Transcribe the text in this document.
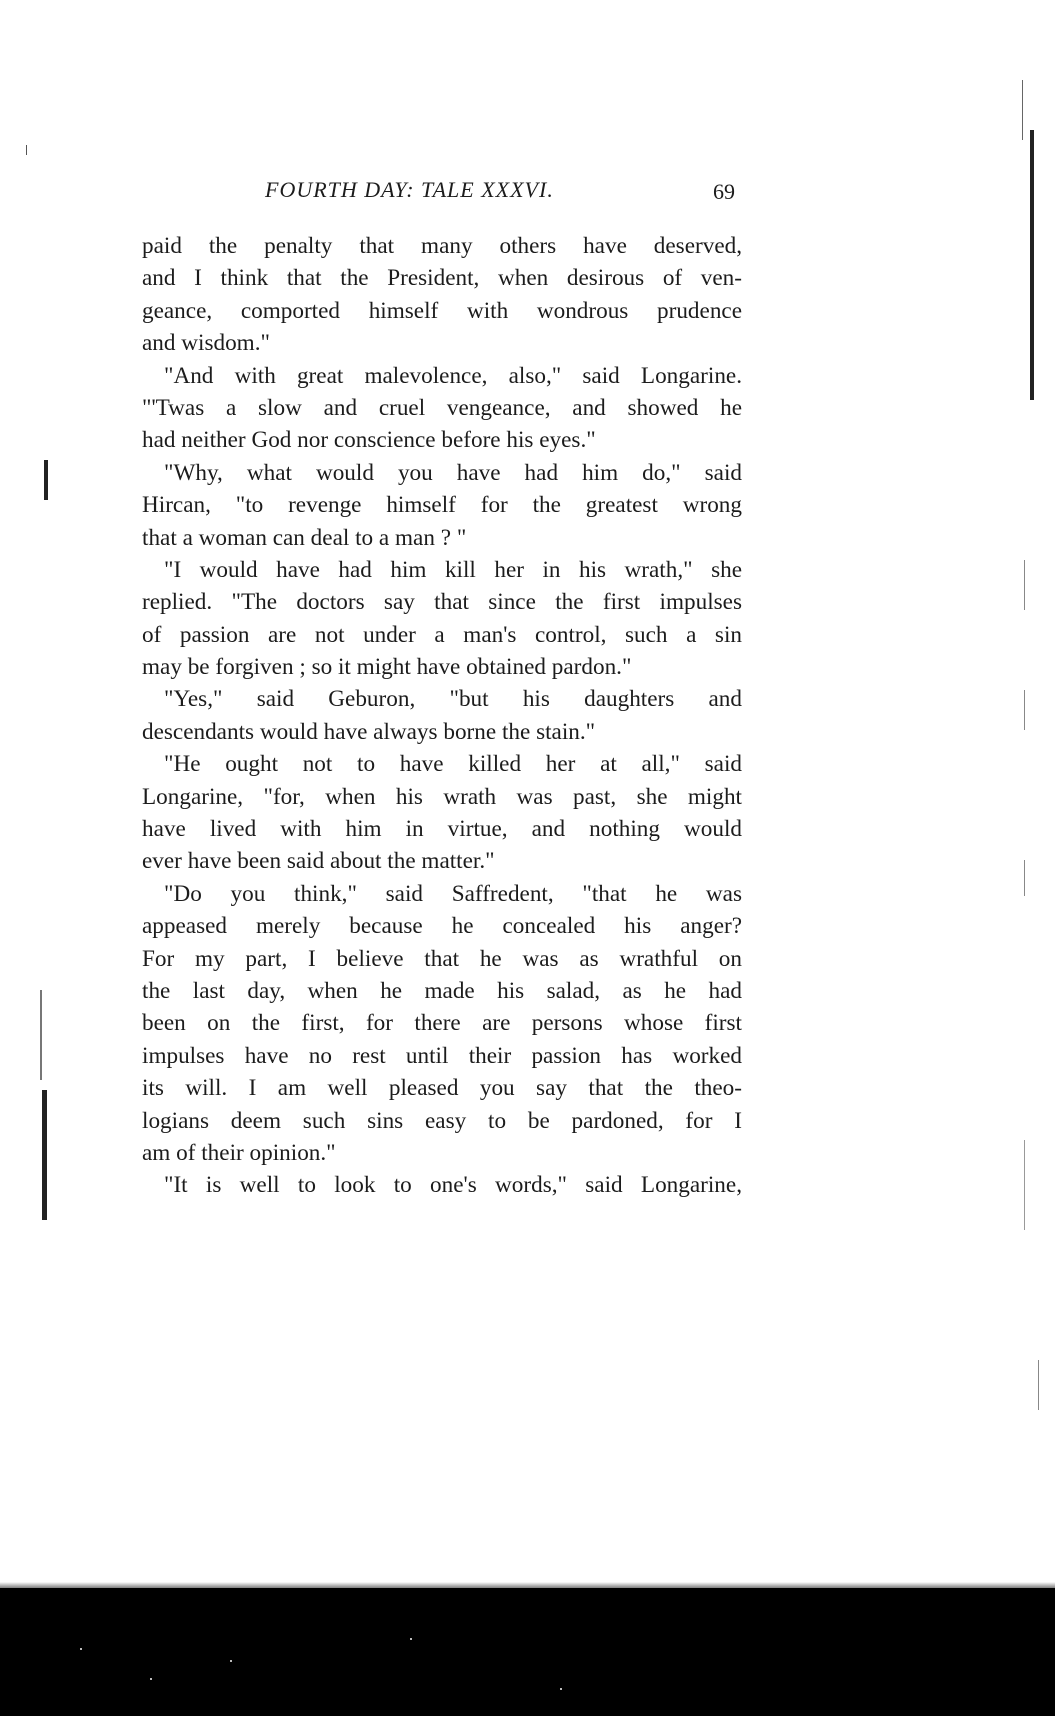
FOURTH DAY: TALE XXXVI.	69
paid the penalty that many others have deserved,
and I think that the President, when desirous of ven-
geance, comported himself with wondrous prudence
and wisdom."
"And with great malevolence, also," said Longarine.
"'Twas a slow and cruel vengeance, and showed he
had neither God nor conscience before his eyes."
"Why, what would you have had him do," said
Hircan, "to revenge himself for the greatest wrong
that a woman can deal to a man ? "
"I would have had him kill her in his wrath," she
replied. "The doctors say that since the first impulses
of passion are not under a man's control, such a sin
may be forgiven ; so it might have obtained pardon."
"Yes," said Geburon, "but his daughters and
descendants would have always borne the stain."
"He ought not to have killed her at all," said
Longarine, "for, when his wrath was past, she might
have lived with him in virtue, and nothing would
ever have been said about the matter."
"Do you think," said Saffredent, "that he was
appeased merely because he concealed his anger?
For my part, I believe that he was as wrathful on
the last day, when he made his salad, as he had
been on the first, for there are persons whose first
impulses have no rest until their passion has worked
its will. I am well pleased you say that the theo-
logians deem such sins easy to be pardoned, for I
am of their opinion."
"It is well to look to one's words," said Longarine,
